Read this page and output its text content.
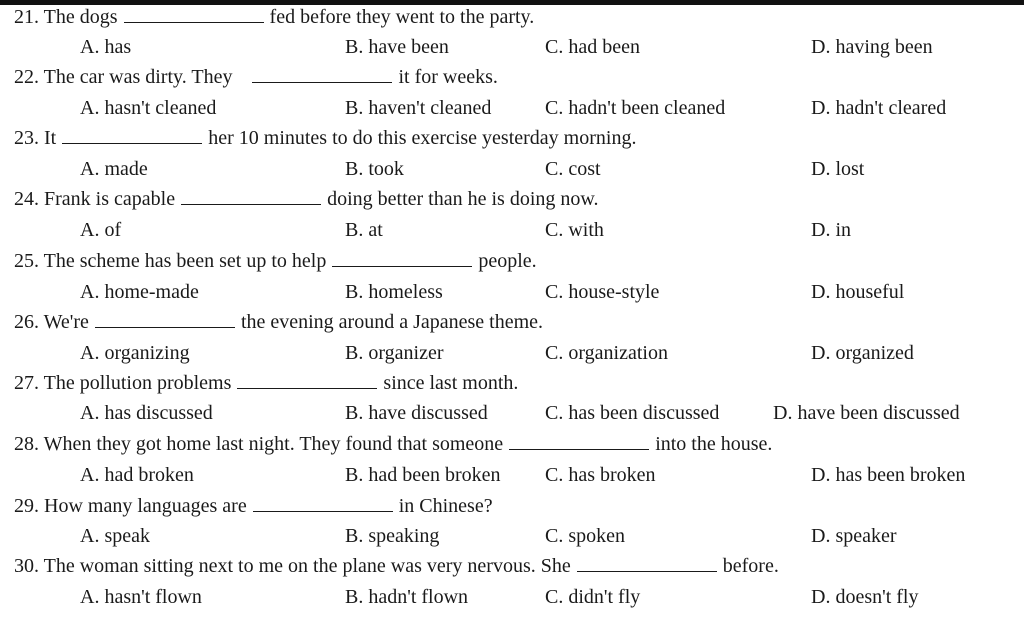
21. The dogs	fed before they went to the party.
A. has	B. have been	C. had been	D. having been
22. The car was dirty. They	it for weeks.
A. hasn't cleaned	B. haven't cleaned	C. hadn't been cleaned	D. hadn't cleared
23. It	her 10 minutes to do this exercise yesterday morning.
A. made	B. took	C. cost	D. lost
24. Frank is capable	doing better than he is doing now.
A. of	B. at	C. with	D. in
25. The scheme has been set up to help	people.
A. home-made	B. homeless	C. house-style	D. houseful
26. We're	the evening around a Japanese theme.
A. organizing	B. organizer	C. organization	D. organized
27. The pollution problems	since last month.
A. has discussed	B. have discussed	C. has been discussed	D. have been discussed
28. When they got home last night. They found that someone	into the house.
A. had broken	B. had been broken C. has broken	D. has been broken
29. How many languages are	in Chinese?
A. speak	B. speaking	C. spoken	D. speaker
30. The woman sitting next to me on the plane was very nervous. She	before.
A. hasn't flown	B. hadn't flown	C. didn't fly	D. doesn't fly
